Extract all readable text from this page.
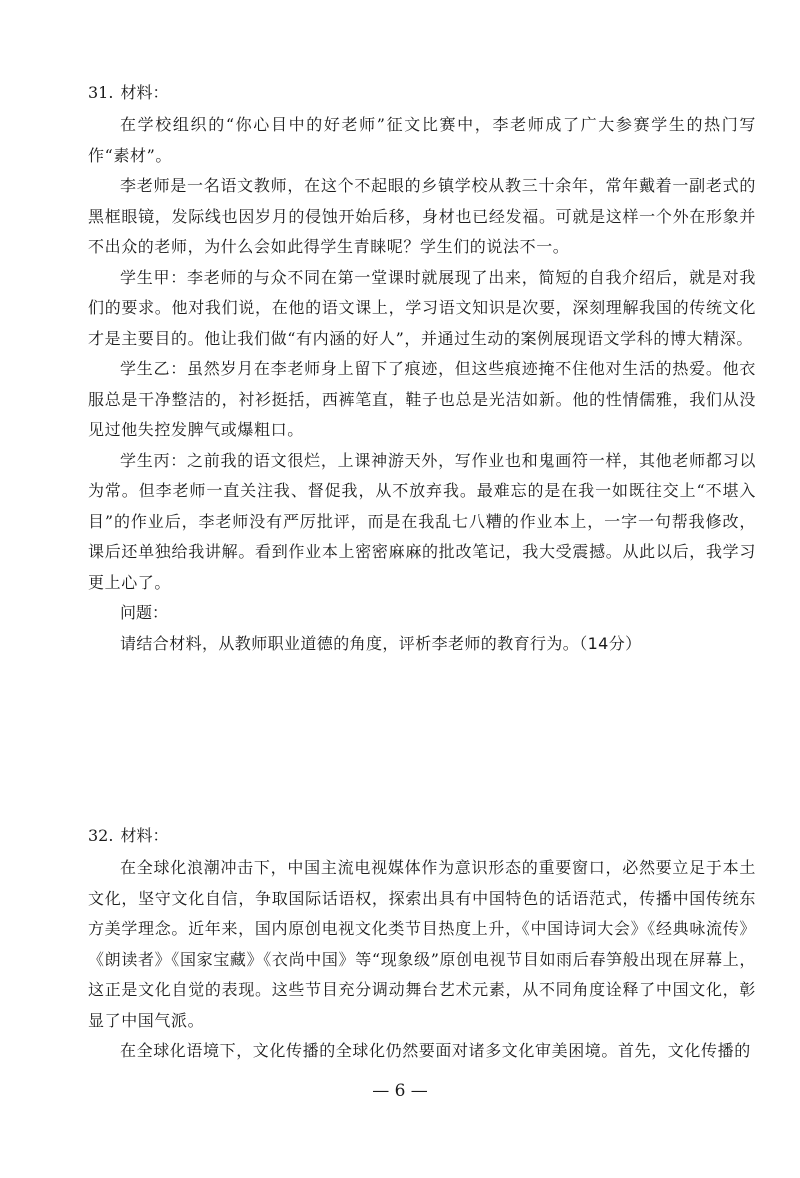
31. 材料：

在学校组织的“你心目中的好老师”征文比赛中，李老师成了广大参赛学生的热门写作“素材”。

李老师是一名语文教师，在这个不起眼的乡镇学校从教三十余年，常年戴着一副老式的黑框眼镜，发际线也因岁月的侵蚀开始后移，身材也已经发福。可就是这样一个外在形象并不出众的老师，为什么会如此得学生青睐呢？学生们的说法不一。

学生甲：李老师的与众不同在第一堂课时就展现了出来，简短的自我介绍后，就是对我们的要求。他对我们说，在他的语文课上，学习语文知识是次要，深刻理解我国的传统文化才是主要目的。他让我们做“有内涵的好人”，并通过生动的案例展现语文学科的博大精深。

学生乙：虽然岁月在李老师身上留下了痕迹，但这些痕迹掩不住他对生活的热爱。他衣服总是干净整洁的，衬衫挺括，西裤笔直，鞋子也总是光洁如新。他的性情儒雅，我们从没见过他失控发脾气或爆粗口。

学生丙：之前我的语文很烂，上课神游天外，写作业也和鬼画符一样，其他老师都习以为常。但李老师一直关注我、督促我，从不放弃我。最难忘的是在我一如既往交上“不堪入目”的作业后，李老师没有严厉批评，而是在我乱七八糟的作业本上，一字一句帮我修改，课后还单独给我讲解。看到作业本上密密麻麻的批改笔记，我大受震撼。从此以后，我学习更上心了。

问题：

请结合材料，从教师职业道德的角度，评析李老师的教育行为。（14分）

32. 材料：

在全球化浪潮冲击下，中国主流电视媒体作为意识形态的重要窗口，必然要立足于本土文化，坚守文化自信，争取国际话语权，探索出具有中国特色的话语范式，传播中国传统东方美学理念。近年来，国内原创电视文化类节目热度上升，《中国诗词大会》《经典咏流传》《朗读者》《国家宝藏》《衣尚中国》等“现象级”原创电视节目如雨后春笋般出现在屏幕上，这正是文化自觉的表现。这些节目充分调动舞台艺术元素，从不同角度诠释了中国文化，彰显了中国气派。

在全球化语境下，文化传播的全球化仍然要面对诸多文化审美困境。首先，文化传播的

— 6 —
